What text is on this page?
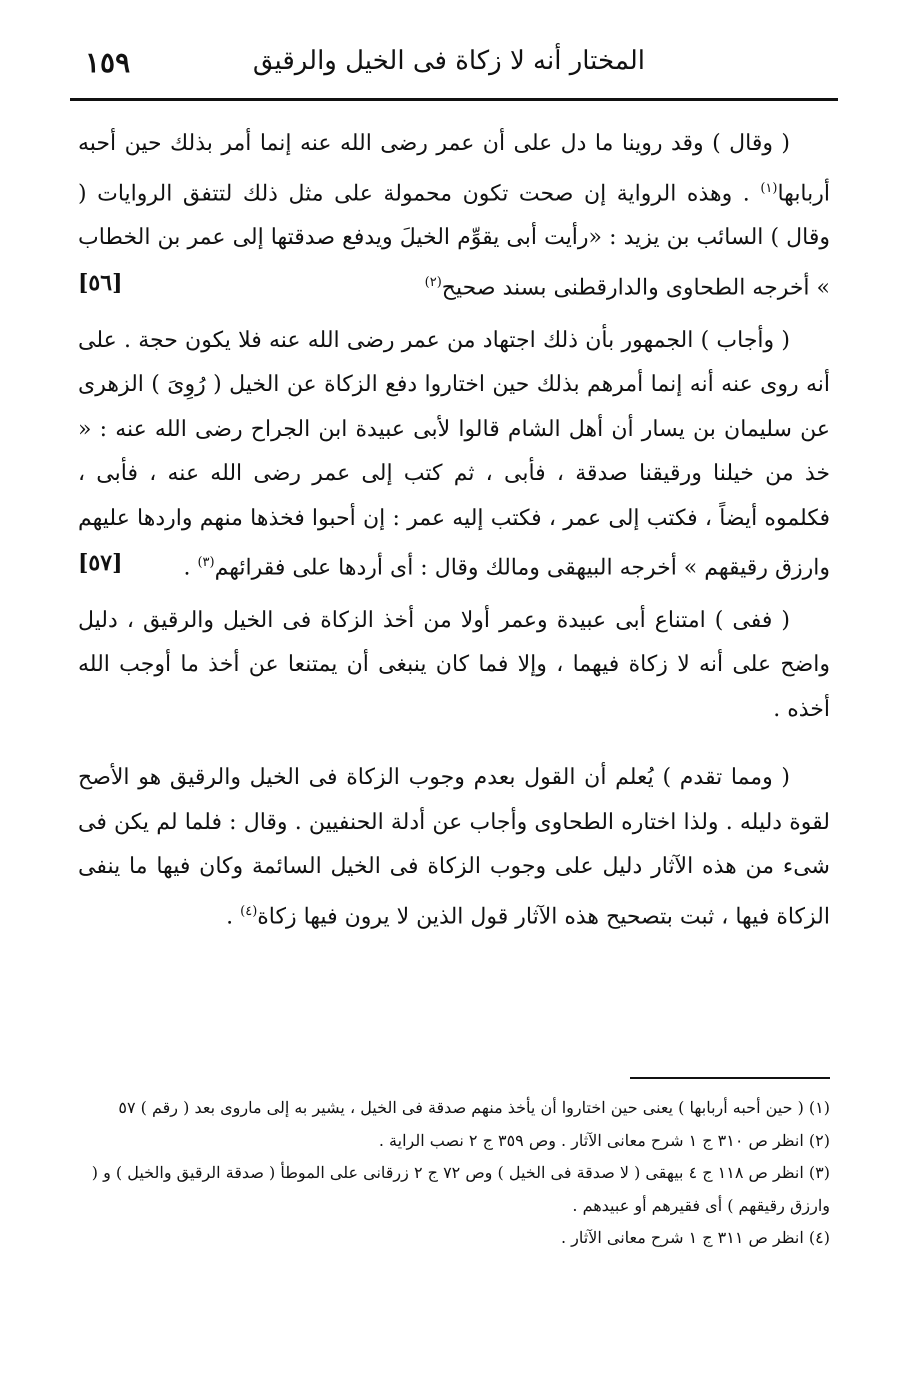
المختار أنه لا زكاة فى الخيل والرقيق
١٥٩

( وقال ) وقد روينا ما دل على أن عمر رضى الله عنه إنما أمر بذلك حين أحبه أربابها$^{(١)}$ . وهذه الرواية إن صحت تكون محمولة على مثل ذلك لتتفق الروايات ( وقال ) السائب بن يزيد : «رأيت أبى يقوِّم الخيلَ ويدفع صدقتها إلى عمر بن الخطاب » أخرجه الطحاوى والدارقطنى بسند صحيح$^{(٢)}$
[٥٦]

( وأجاب ) الجمهور بأن ذلك اجتهاد من عمر رضى الله عنه فلا يكون حجة . على أنه روى عنه أنه إنما أمرهم بذلك حين اختاروا دفع الزكاة عن الخيل ( رُوِىَ ) الزهرى عن سليمان بن يسار أن أهل الشام قالوا لأبى عبيدة ابن الجراح رضى الله عنه : « خذ من خيلنا ورقيقنا صدقة ، فأبى ، ثم كتب إلى عمر رضى الله عنه ، فأبى ، فكلموه أيضاً ، فكتب إلى عمر ، فكتب إليه عمر : إن أحبوا فخذها منهم واردها عليهم وارزق رقيقهم » أخرجه البيهقى ومالك وقال : أى أردها على فقرائهم$^{(٣)}$ .
[٥٧]

( ففى ) امتناع أبى عبيدة وعمر أولا من أخذ الزكاة فى الخيل والرقيق ، دليل واضح على أنه لا زكاة فيهما ، وإلا فما كان ينبغى أن يمتنعا عن أخذ ما أوجب الله أخذه .

( ومما تقدم ) يُعلم أن القول بعدم وجوب الزكاة فى الخيل والرقيق هو الأصح لقوة دليله . ولذا اختاره الطحاوى وأجاب عن أدلة الحنفيين . وقال : فلما لم يكن فى شىء من هذه الآثار دليل على وجوب الزكاة فى الخيل السائمة وكان فيها ما ينفى الزكاة فيها ، ثبت بتصحيح هذه الآثار قول الذين لا يرون فيها زكاة$^{(٤)}$ .

(١) ( حين أحبه أربابها ) يعنى حين اختاروا أن يأخذ منهم صدقة فى الخيل ، يشير به إلى ماروى بعد ( رقم ) ٥٧

(٢) انظر ص ٣١٠ ج ١ شرح معانى الآثار . وص ٣٥٩ ج ٢ نصب الراية .

(٣) انظر ص ١١٨ ج ٤ بيهقى ( لا صدقة فى الخيل ) وص ٧٢ ج ٢ زرقانى على الموطأ ( صدقة الرقيق والخيل ) و ( وارزق رقيقهم ) أى فقيرهم أو عبيدهم .

(٤) انظر ص ٣١١ ج ١ شرح معانى الآثار .
